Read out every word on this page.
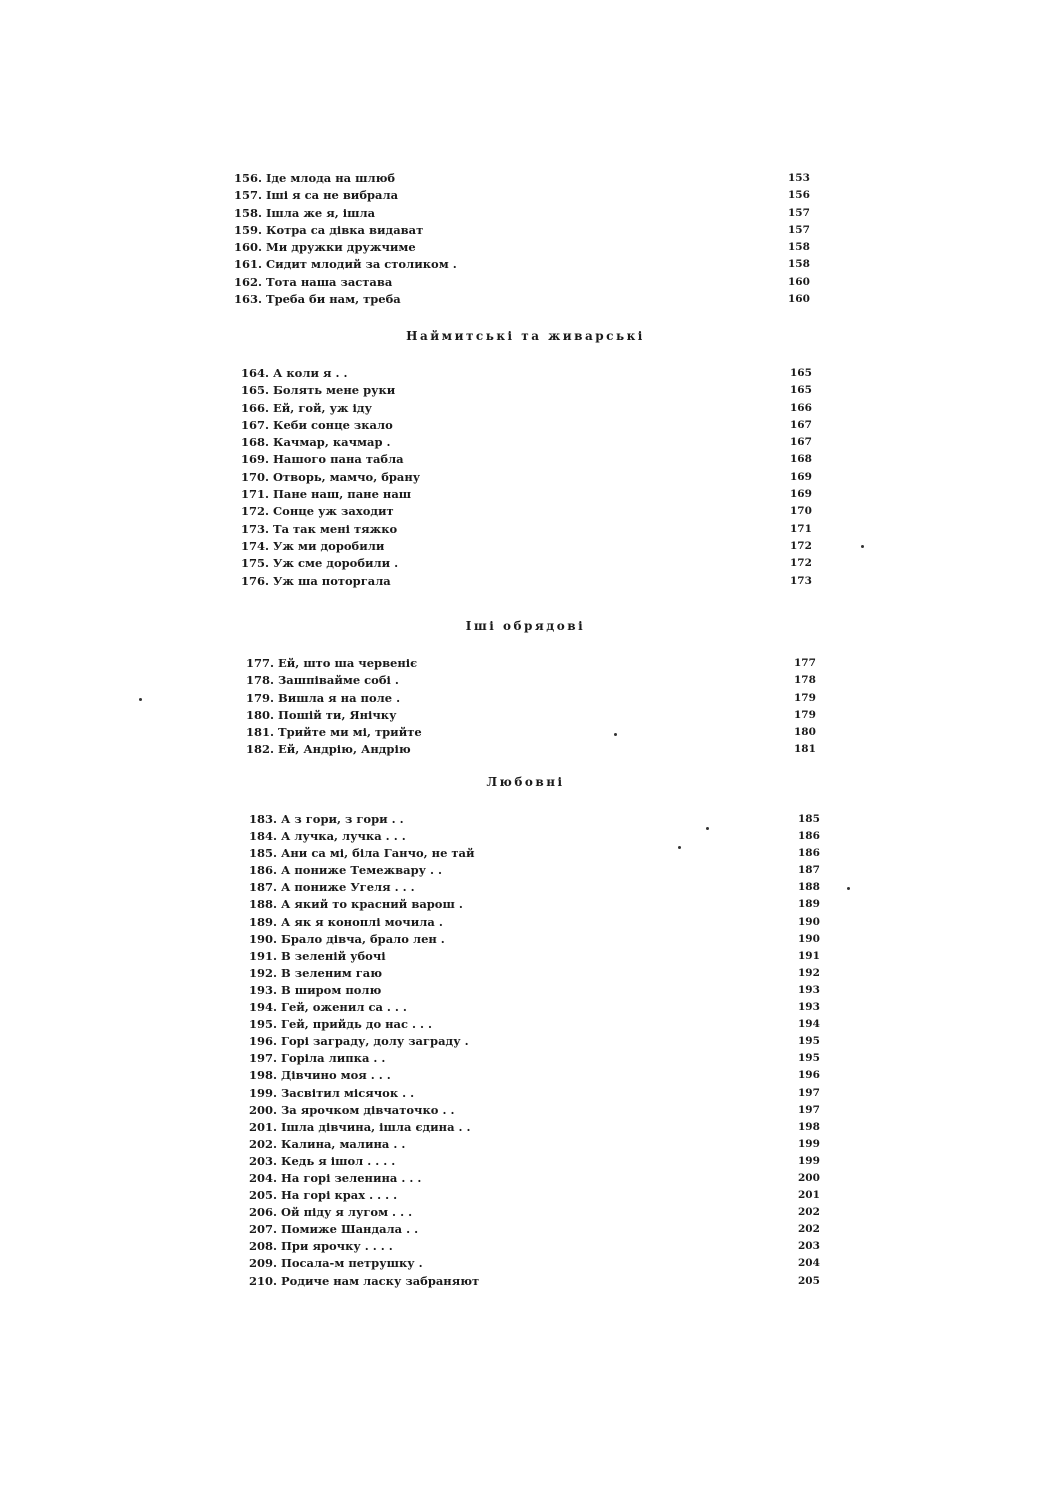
156. Іде млода на шлюб	153
157. Іші я са не вибрала	156
158. Ішла же я, ішла	157
159. Котра са дівка видават	157
160. Ми дружки дружчиме	158
161. Сидит млодий за столиком .	158
162. Тота наша застава	160
163. Треба би нам, треба	160
Наймитські та живарські
164. А коли я . .	165
165. Болять мене руки	165
166. Ей, гой, уж іду	166
167. Кеби сонце зкало	167
168. Качмар, качмар .	167
169. Нашого пана табла	168
170. Отворь, мамчо, брану	169
171. Пане наш, пане наш	169
172. Сонце уж заходит	170
173. Та так мені тяжко	171
174. Уж ми доробили	172
175. Уж сме доробили .	172
176. Уж ша поторгала	173
Іші обрядові
177. Ей, што ша червеніє	177
178. Зашпіваймe собі .	178
179. Вишла я на поле .	179
180. Пошій ти, Янічку	179
181. Трийте ми мі, трийте	180
182. Ей, Андрію, Андрію	181
Любовні
183. А з гори, з гори . .	185
184. А лучка, лучка . . .	186
185. Ани са мі, біла Ганчо, не тай	186
186. А пониже Темежвару . .	187
187. А пониже Угеля . . .	188
188. А який то красний варош .	189
189. А як я коноплі мочила .	190
190. Брало дівча, брало лен .	190
191. В зеленій убочі	191
192. В зеленим гаю	192
193. В широм полю	193
194. Гей, оженил са . . .	193
195. Гей, прийдь до нас . . .	194
196. Горі заграду, долу заграду .	195
197. Горіла липка . .	195
198. Дівчино моя . . .	196
199. Засвітил місячок . .	197
200. За ярочком дівчаточко . .	197
201. Ішла дівчина, ішла єдина . .	198
202. Калина, малина . .	199
203. Кедь я ішол . . . .	199
204. На горі зеленина . . .	200
205. На горі крах . . . .	201
206. Ой піду я лугом . . .	202
207. Помиже Шандала . .	202
208. При ярочку . . . .	203
209. Посала-м петрушку .	204
210. Родиче нам ласку забраняют	205
